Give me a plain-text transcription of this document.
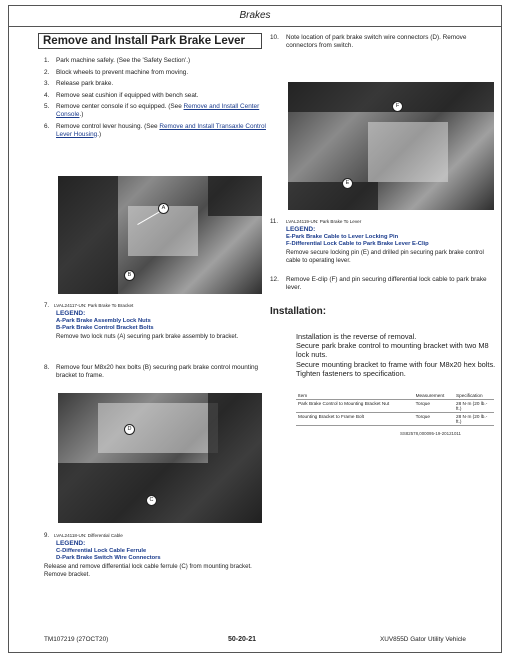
Brakes
Remove and Install Park Brake Lever
1.	Park machine safely. (See the 'Safety Section'.)
2.	Block wheels to prevent machine from moving.
3.	Release park brake.
4.	Remove seat cushion if equipped with bench seat.
5.	Remove center console if so equipped. (See Remove and Install Center Console.)
6.	Remove control lever housing. (See Remove and Install Transaxle Control Lever Housing.)
A
B
7. LVAL24117-UN: Park Brake To Bracket
LEGEND:
A-Park Brake Assembly Lock Nuts
B-Park Brake Control Bracket Bolts
Remove two lock nuts (A) securing park brake assembly to bracket.
8.	Remove four M8x20 hex bolts (B) securing park brake control mounting bracket to frame.
D
C
9. LVAL24118-UN: Differential Cable
LEGEND:
C-Differential Lock Cable Ferrule
D-Park Brake Switch Wire Connectors
Release and remove differential lock cable ferrule (C) from mounting bracket. Remove bracket.
10.	Note location of park brake switch wire connectors (D). Remove connectors from switch.
F
E
11. LVAL24119-UN: Park Brake To Lever
LEGEND:
E-Park Brake Cable to Lever Locking Pin
F-Differential Lock Cable to Park Brake Lever E-Clip
Remove secure locking pin (E) and drilled pin securing park brake control cable to operating lever.
12.	Remove E-clip (F) and pin securing differential lock cable to park brake lever.
Installation:
Installation is the reverse of removal.
Secure park brake control to mounting bracket with two M8 lock nuts.
Secure mounting bracket to frame with four M8x20 hex bolts.
Tighten fasteners to specification.
Item	Measurement	Specification
Park Brake Control to Mounting Bracket Nut	Torque	28 N·m (20 lb.-ft.)
Mounting Bracket to Frame Bolt	Torque	28 N·m (20 lb.-ft.)
SS82578,000095-19-20121011
TM107219 (27OCT20)	50-20-21	XUV855D Gator Utility Vehicle
